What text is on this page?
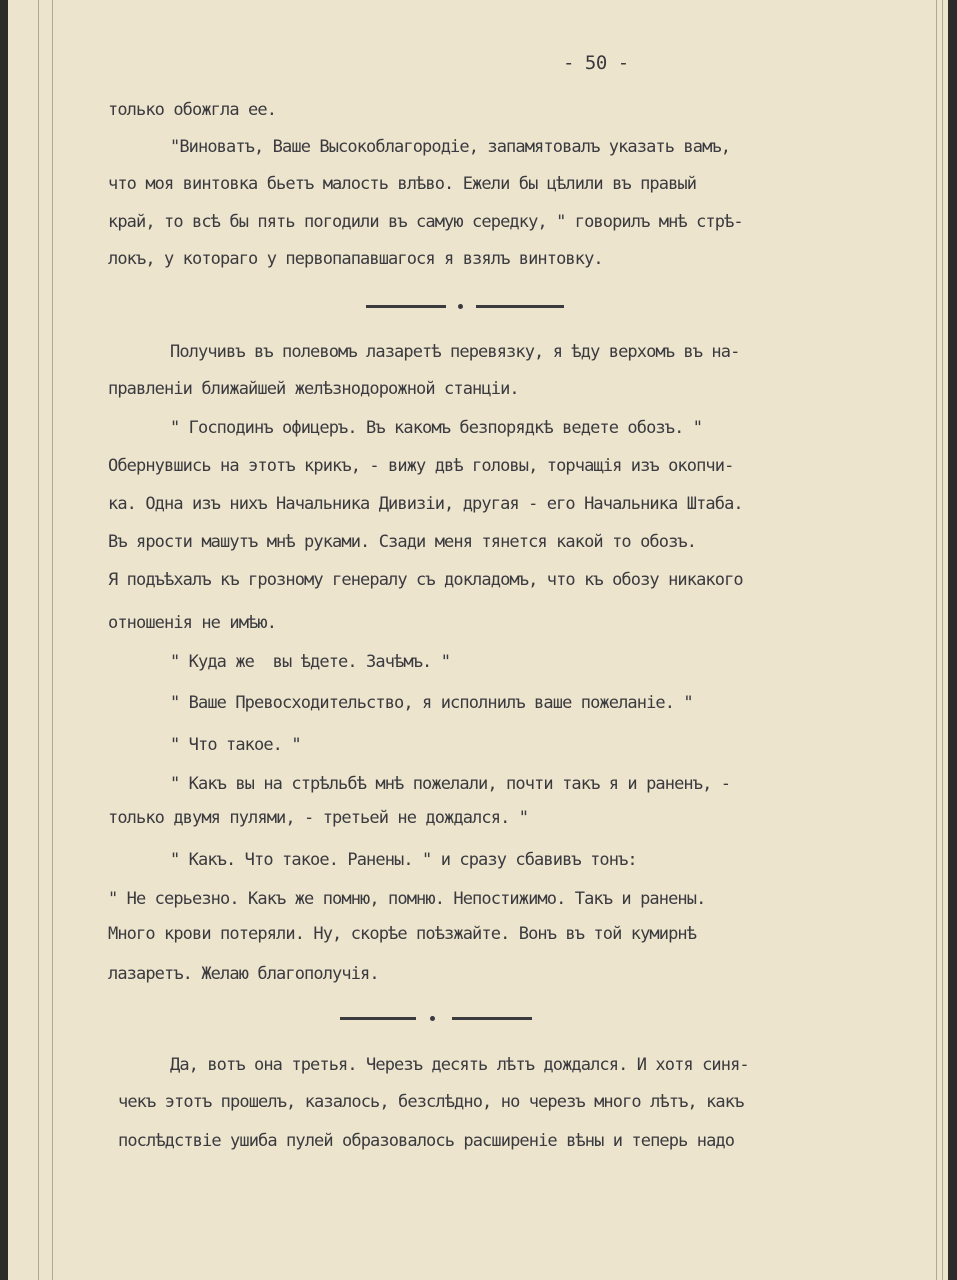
- 50 -

только обожгла ее.

"Виноватъ, Ваше Высокоблагородіе, запамятовалъ указать вамъ,

что моя винтовка бьетъ малость влѣво. Ежели бы цѣлили въ правый

край, то всѣ бы пять погодили въ самую середку, " говорилъ мнѣ стрѣ-

локъ, у котораго у первопапавшагося я взялъ винтовку.

Получивъ въ полевомъ лазаретѣ перевязку, я ѣду верхомъ въ на-

правленіи ближайшей желѣзнодорожной станціи.

" Господинъ офицеръ. Въ какомъ безпорядкѣ ведете обозъ. "

Обернувшись на этотъ крикъ, - вижу двѣ головы, торчащія изъ окопчи-

ка. Одна изъ нихъ Начальника Дивизіи, другая - его Начальника Штаба.

Въ ярости машутъ мнѣ руками. Сзади меня тянется какой то обозъ.

Я подъѣхалъ къ грозному генералу съ докладомъ, что къ обозу никакого

отношенія не имѣю.

" Куда же  вы ѣдете. Зачѣмъ. "

" Ваше Превосходительство, я исполнилъ ваше пожеланіе. "

" Что такое. "

" Какъ вы на стрѣльбѣ мнѣ пожелали, почти такъ я и раненъ, -

только двумя пулями, - третьей не дождался. "

" Какъ. Что такое. Ранены. " и сразу сбавивъ тонъ:

" Не серьезно. Какъ же помню, помню. Непостижимо. Такъ и ранены.

Много крови потеряли. Ну, скорѣе поѣзжайте. Вонъ въ той кумирнѣ

лазаретъ. Желаю благополучія.

Да, вотъ она третья. Черезъ десять лѣтъ дождался. И хотя синя-

чекъ этотъ прошелъ, казалось, безслѣдно, но черезъ много лѣтъ, какъ

послѣдствіе ушиба пулей образовалось расширеніе вѣны и теперь надо
